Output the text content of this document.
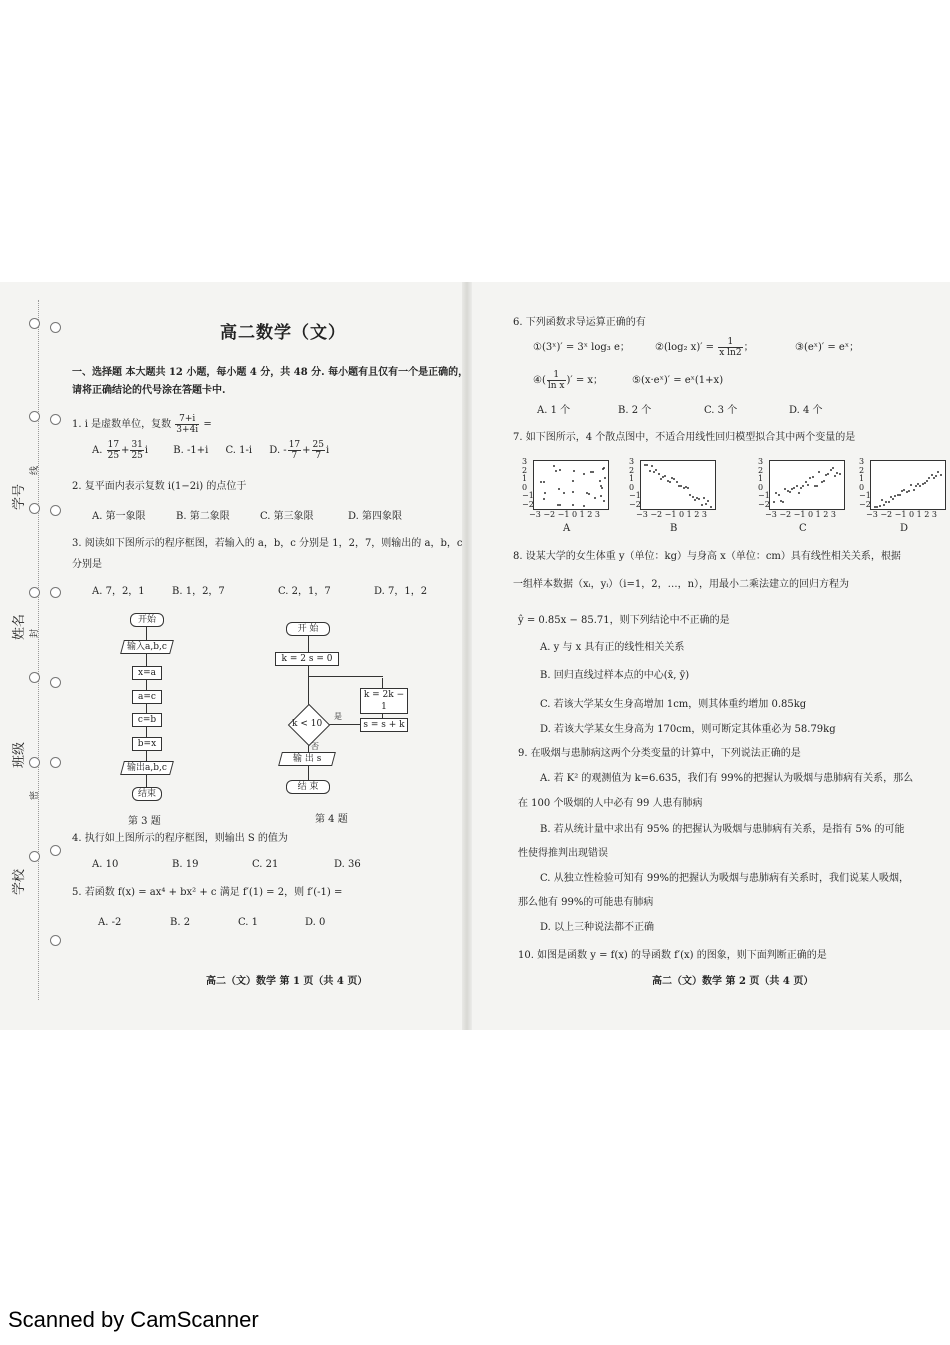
学号
姓名
班级
学校
线
封
密
高二数学（文）
一、选择题 本大题共 12 小题，每小题 4 分，共 48 分. 每小题有且仅有一个是正确的，
请将正确结论的代号涂在答题卡中.
1. i 是虚数单位，复数 $\frac{7+i}{3+4i}$ =
A. $\frac{17}{25} + \frac{31}{25}$ i	B. -1+i C. 1-i D. - $\frac{17}{7} + \frac{25}{7}$ i
2. 复平面内表示复数 i(1−2i) 的点位于
A. 第一象限	B. 第二象限	C. 第三象限	D. 第四象限
3. 阅读如下图所示的程序框图，若输入的 a，b，c 分别是 1，2，7，则输出的 a，b，c
分别是
A. 7，2，1	B. 1，2，7	C. 2，1，7	D. 7，1，2
开始
输入a,b,c
x=a
a=c
c=b
b=x
输出a,b,c
结束
第 3 题
开 始
k = 2 s = 0
k < 10
是
否
s = s + k
k = 2k − 1
输 出 s
结 束
第 4 题
4. 执行如上图所示的程序框图，则输出 S 的值为
A. 10	B. 19	C. 21	D. 36
5. 若函数 f(x) = ax⁴ + bx² + c 满足 f′(1) = 2，则 f′(-1) =
A. -2	B. 2	C. 1	D. 0
高二（文）数学 第 1 页（共 4 页）
6. 下列函数求导运算正确的有
①(3ˣ)′ = 3ˣ log₃ e；	②(log₂ $x)' = \frac{1}{\text{x ln2}}$ ；	③(eˣ)′ = eˣ；
④( $\frac{1}{\text{ln x}}$ )′ = x；	⑤(x·eˣ)′ = eˣ(1+x)
A. 1 个	B. 2 个	C. 3 个	D. 4 个
7. 如下图所示，4 个散点图中，不适合用线性回归模型拟合其中两个变量的是
3
2
1
0
−1
−2
−3 −2 −1 0 1 2 3
A
3
2
1
0
−1
−2
−3 −2 −1 0 1 2 3
B
3
2
1
0
−1
−2
−3 −2 −1 0 1 2 3
C
3
2
1
0
−1
−2
−3 −2 −1 0 1 2 3
D
8. 设某大学的女生体重 y（单位：kg）与身高 x（单位：cm）具有线性相关关系，根据
一组样本数据（xᵢ，yᵢ）（i=1，2，…，n），用最小二乘法建立的回归方程为
ŷ = 0.85x − 85.71，则下列结论中不正确的是
A. y 与 x 具有正的线性相关关系
B. 回归直线过样本点的中心(x̄, ȳ)
C. 若该大学某女生身高增加 1cm，则其体重约增加 0.85kg
D. 若该大学某女生身高为 170cm，则可断定其体重必为 58.79kg
9. 在吸烟与患肺病这两个分类变量的计算中，下列说法正确的是
A. 若 K² 的观测值为 k=6.635，我们有 99%的把握认为吸烟与患肺病有关系，那么
在 100 个吸烟的人中必有 99 人患有肺病
B. 若从统计量中求出有 95% 的把握认为吸烟与患肺病有关系，是指有 5% 的可能
性使得推判出现错误
C. 从独立性检验可知有 99%的把握认为吸烟与患肺病有关系时，我们说某人吸烟，
那么他有 99%的可能患有肺病
D. 以上三种说法都不正确
10. 如图是函数 y = f(x) 的导函数 f′(x) 的图象，则下面判断正确的是
高二（文）数学 第 2 页（共 4 页）
Scanned by CamScanner
